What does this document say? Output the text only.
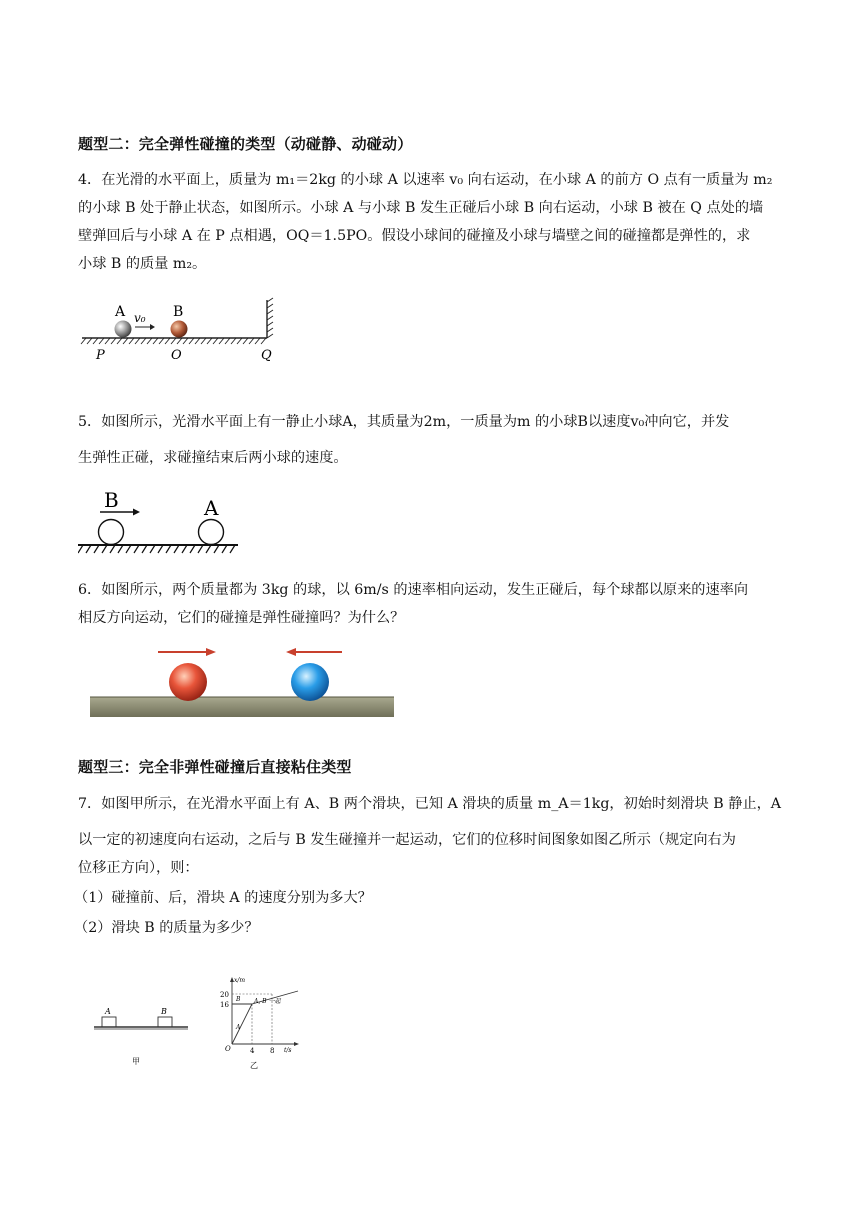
题型二：完全弹性碰撞的类型（动碰静、动碰动）
4．在光滑的水平面上，质量为 m₁＝2kg 的小球 A 以速率 v₀ 向右运动，在小球 A 的前方 O 点有一质量为 m₂
的小球 B 处于静止状态，如图所示。小球 A 与小球 B 发生正碰后小球 B 向右运动，小球 B 被在 Q 点处的墙
壁弹回后与小球 A 在 P 点相遇，OQ＝1.5PO。假设小球间的碰撞及小球与墙壁之间的碰撞都是弹性的，求
小球 B 的质量 m₂。
A	B
v₀
P	O	Q
5．如图所示，光滑水平面上有一静止小球A，其质量为2m，一质量为m 的小球B以速度v₀冲向它，并发
生弹性正碰，求碰撞结束后两小球的速度。
B	A
6．如图所示，两个质量都为 3kg 的球，以 6m/s 的速率相向运动，发生正碰后，每个球都以原来的速率向
相反方向运动，它们的碰撞是弹性碰撞吗？为什么？
题型三：完全非弹性碰撞后直接粘住类型
7．如图甲所示，在光滑水平面上有 A、B 两个滑块，已知 A 滑块的质量 m_A＝1kg，初始时刻滑块 B 静止，A
以一定的初速度向右运动，之后与 B 发生碰撞并一起运动，它们的位移时间图象如图乙所示（规定向右为
位移正方向），则：
（1）碰撞前、后，滑块 A 的速度分别为多大？
（2）滑块 B 的质量为多少？
A	B
甲
x/m
t/s
20
16
4 8
O
B
A
A, B 一起
乙
